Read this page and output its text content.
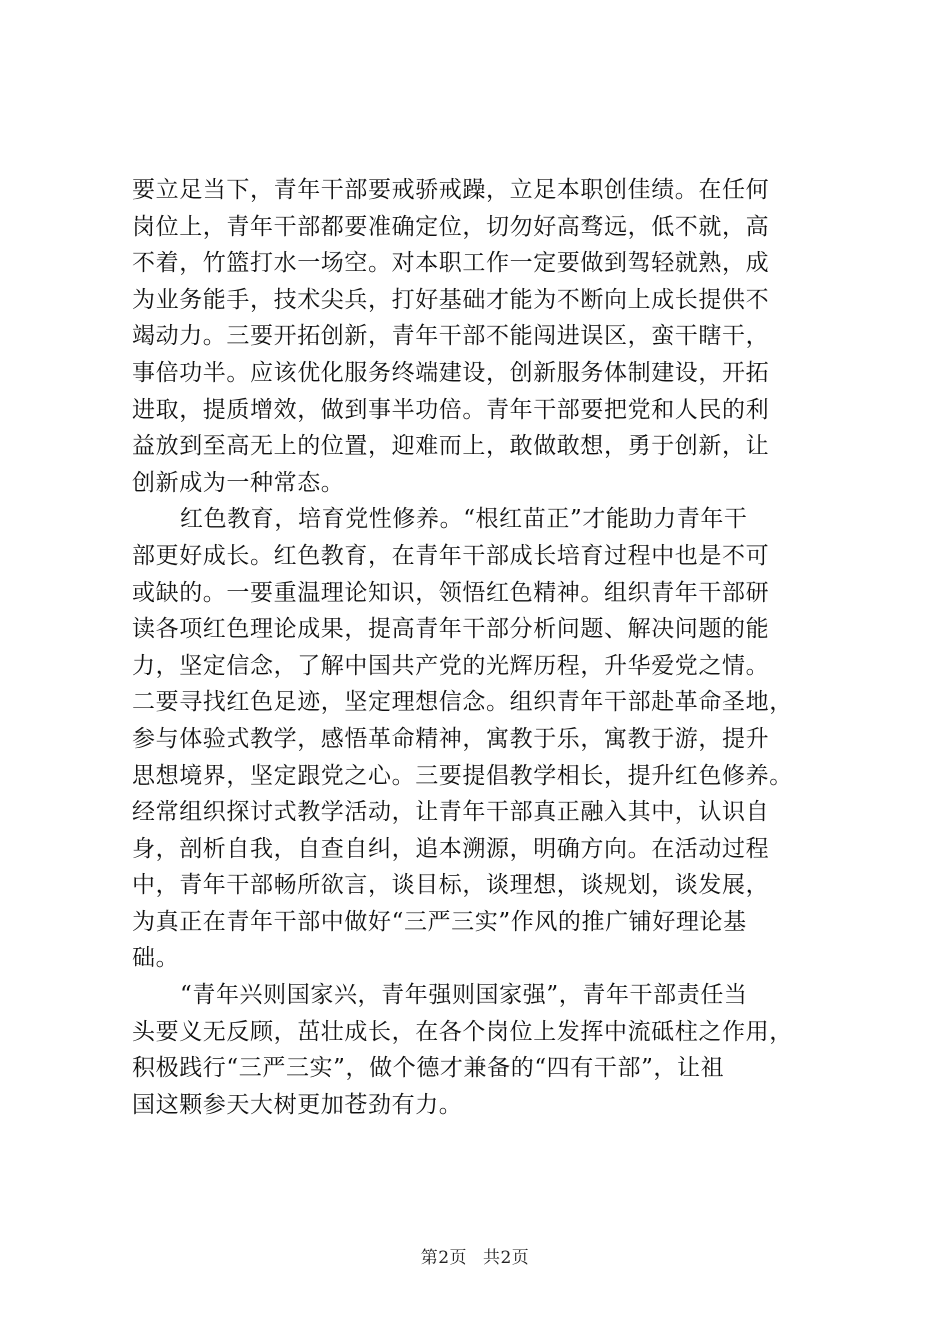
要立足当下，青年干部要戒骄戒躁，立足本职创佳绩。在任何
岗位上，青年干部都要准确定位，切勿好高骛远，低不就，高
不着，竹篮打水一场空。对本职工作一定要做到驾轻就熟，成
为业务能手，技术尖兵，打好基础才能为不断向上成长提供不
竭动力。三要开拓创新，青年干部不能闯进误区，蛮干瞎干，
事倍功半。应该优化服务终端建设，创新服务体制建设，开拓
进取，提质增效，做到事半功倍。青年干部要把党和人民的利
益放到至高无上的位置，迎难而上，敢做敢想，勇于创新，让
创新成为一种常态。

红色教育，培育党性修养。“根红苗正”才能助力青年干
部更好成长。红色教育，在青年干部成长培育过程中也是不可
或缺的。一要重温理论知识，领悟红色精神。组织青年干部研
读各项红色理论成果，提高青年干部分析问题、解决问题的能
力，坚定信念，了解中国共产党的光辉历程，升华爱党之情。
二要寻找红色足迹，坚定理想信念。组织青年干部赴革命圣地，
参与体验式教学，感悟革命精神，寓教于乐，寓教于游，提升
思想境界，坚定跟党之心。三要提倡教学相长，提升红色修养。
经常组织探讨式教学活动，让青年干部真正融入其中，认识自
身，剖析自我，自查自纠，追本溯源，明确方向。在活动过程
中，青年干部畅所欲言，谈目标，谈理想，谈规划，谈发展，
为真正在青年干部中做好“三严三实”作风的推广铺好理论基
础。

“青年兴则国家兴，青年强则国家强”，青年干部责任当
头要义无反顾，茁壮成长，在各个岗位上发挥中流砥柱之作用，
积极践行“三严三实”，做个德才兼备的“四有干部”，让祖
国这颗参天大树更加苍劲有力。

第2页 共2页
